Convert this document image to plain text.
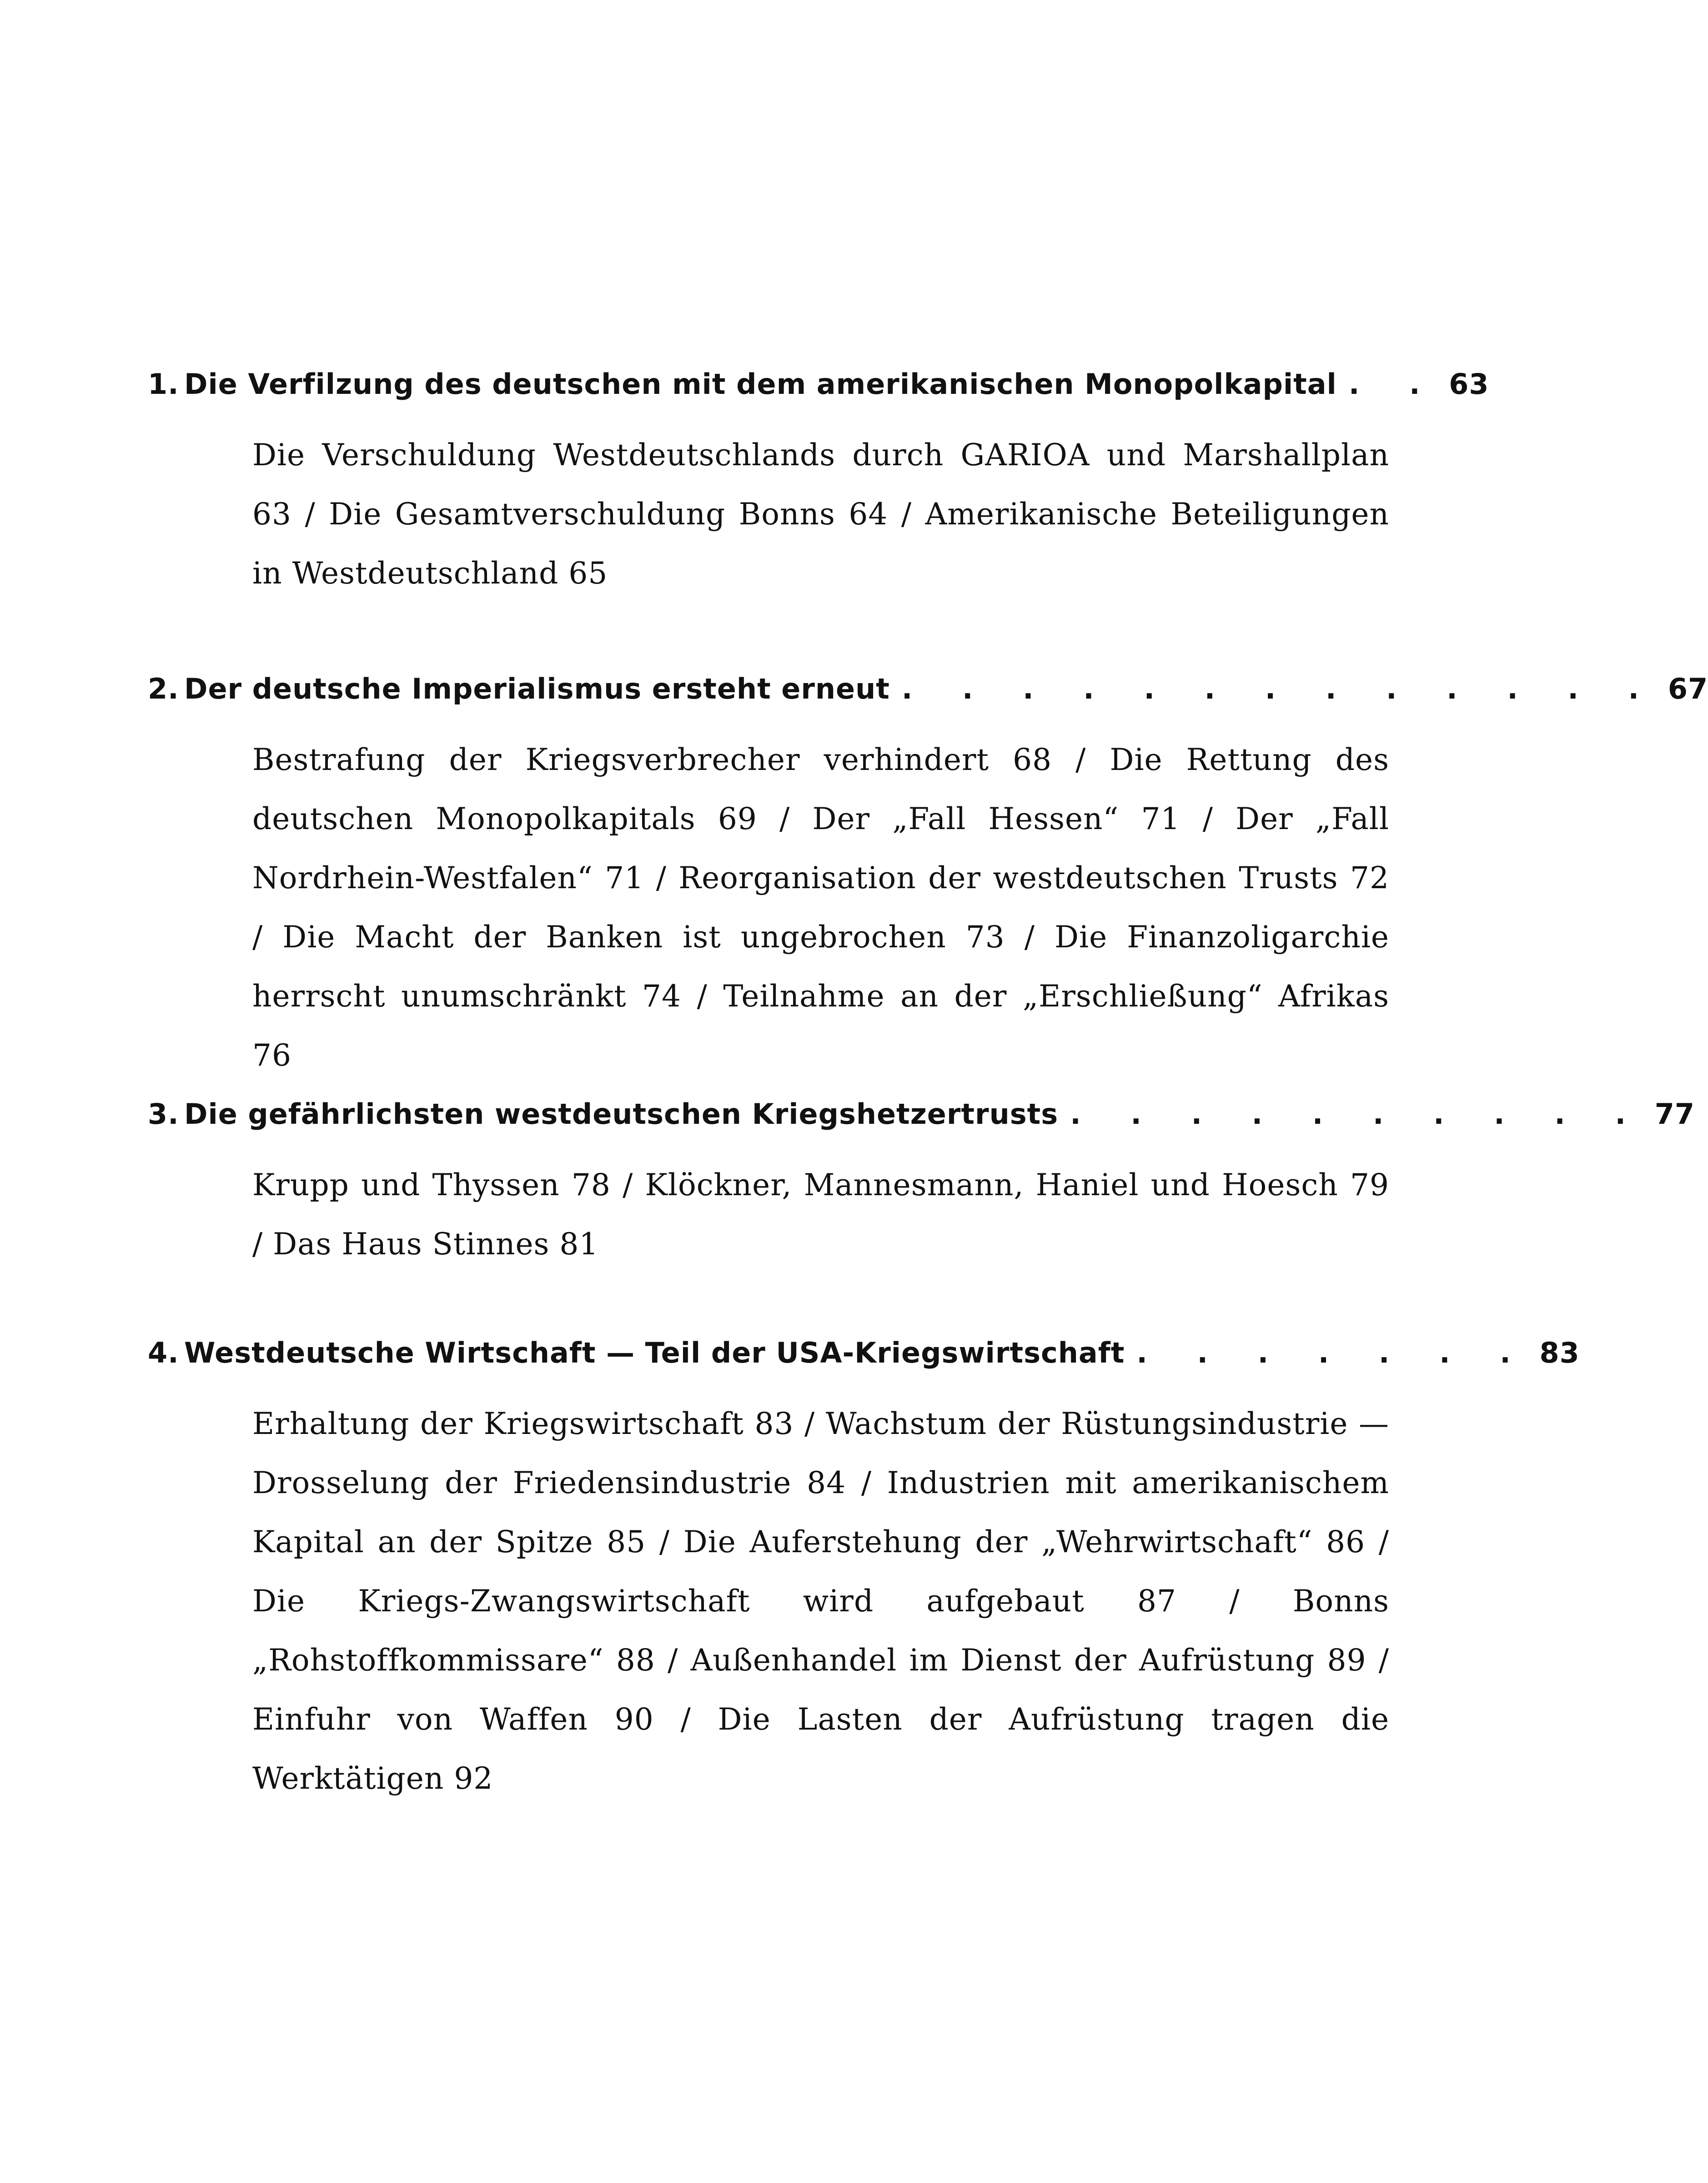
1. Die Verfilzung des deutschen mit dem amerikanischen Monopolkapital . . 63
Die Verschuldung Westdeutschlands durch GARIOA und Marshallplan 63 / Die Gesamtverschuldung Bonns 64 / Amerikanische Beteiligungen in Westdeutschland 65
2. Der deutsche Imperialismus ersteht erneut . . . . . . . . . . . . . 67
Bestrafung der Kriegsverbrecher verhindert 68 / Die Rettung des deutschen Monopolkapitals 69 / Der „Fall Hessen“ 71 / Der „Fall Nordrhein-Westfalen“ 71 / Reorganisation der westdeutschen Trusts 72 / Die Macht der Banken ist ungebrochen 73 / Die Finanzoligarchie herrscht unumschränkt 74 / Teilnahme an der „Erschließung“ Afrikas 76
3. Die gefährlichsten westdeutschen Kriegshetzertrusts . . . . . . . . . . 77
Krupp und Thyssen 78 / Klöckner, Mannesmann, Haniel und Hoesch 79 / Das Haus Stinnes 81
4. Westdeutsche Wirtschaft — Teil der USA-Kriegswirtschaft . . . . . . . 83
Erhaltung der Kriegswirtschaft 83 / Wachstum der Rüstungsindustrie — Drosselung der Friedensindustrie 84 / Industrien mit amerikanischem Kapital an der Spitze 85 / Die Auferstehung der „Wehrwirtschaft“ 86 / Die Kriegs-Zwangswirtschaft wird aufgebaut 87 / Bonns „Rohstoffkommissare“ 88 / Außenhandel im Dienst der Aufrüstung 89 / Einfuhr von Waffen 90 / Die Lasten der Aufrüstung tragen die Werktätigen 92
